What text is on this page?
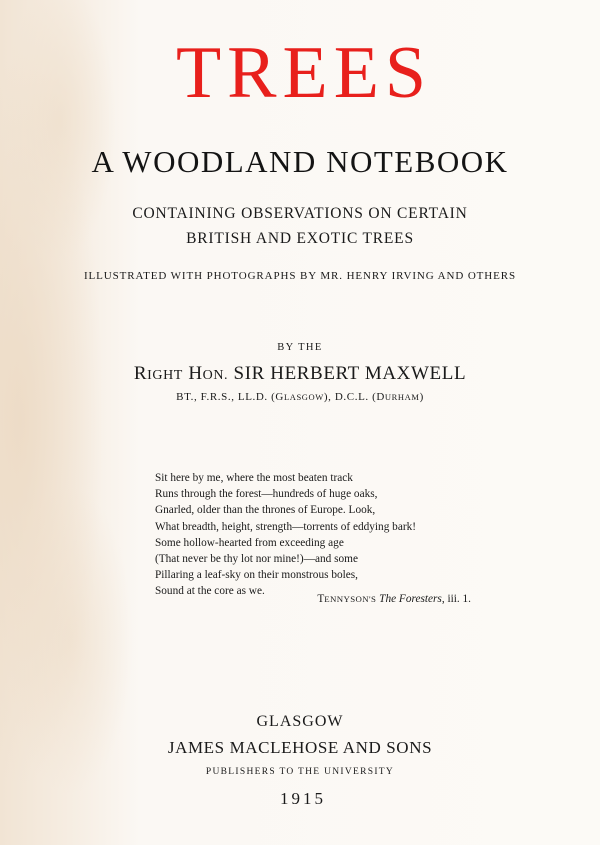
TREES
A WOODLAND NOTEBOOK
CONTAINING OBSERVATIONS ON CERTAIN
BRITISH AND EXOTIC TREES
ILLUSTRATED WITH PHOTOGRAPHS BY MR. HENRY IRVING AND OTHERS
BY THE
RIGHT HON. SIR HERBERT MAXWELL
BT., F.R.S., LL.D. (GLASGOW), D.C.L. (DURHAM)
Sit here by me, where the most beaten track
Runs through the forest—hundreds of huge oaks,
Gnarled, older than the thrones of Europe. Look,
What breadth, height, strength—torrents of eddying bark!
Some hollow-hearted from exceeding age
(That never be thy lot nor mine!)—and some
Pillaring a leaf-sky on their monstrous boles,
Sound at the core as we.
TENNYSON'S The Foresters, iii. 1.
GLASGOW
JAMES MACLEHOSE AND SONS
PUBLISHERS TO THE UNIVERSITY
1915
